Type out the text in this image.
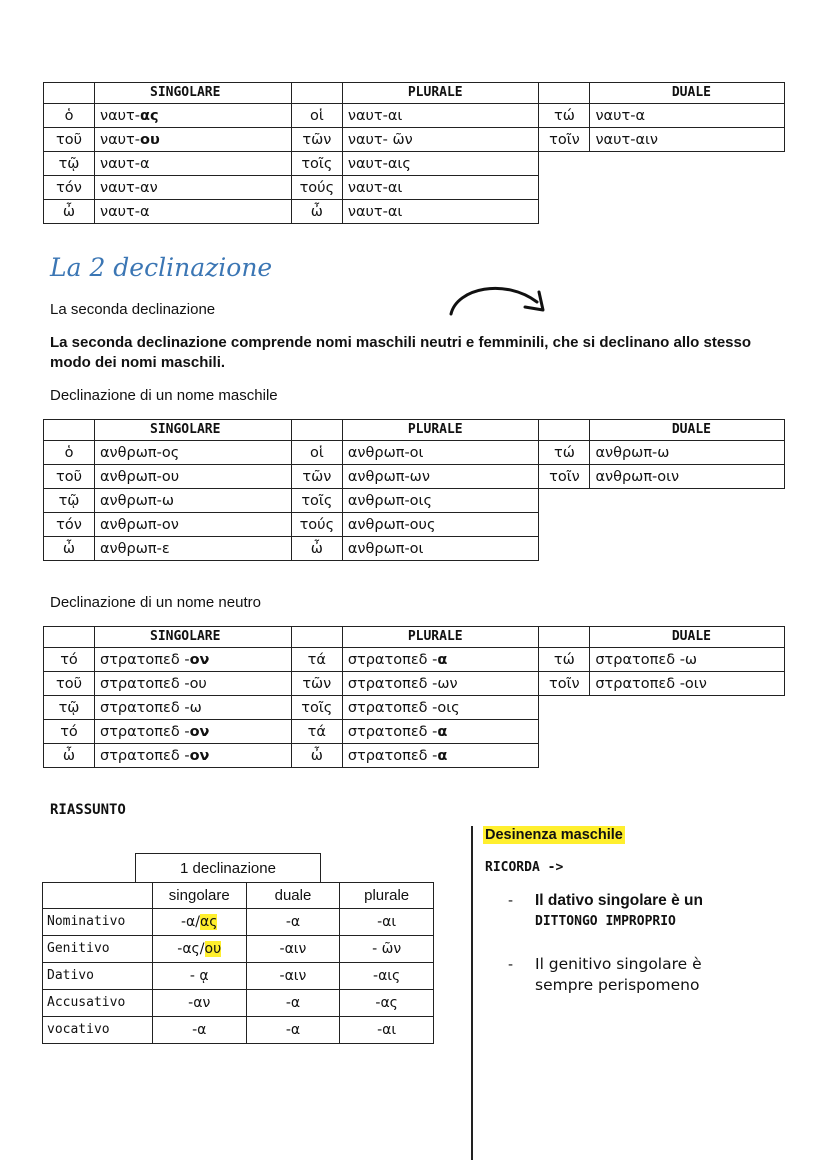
	SINGOLARE		PLURALE		DUALE
ὁ	ναυτ-ας	οἱ	ναυτ-αι	τώ	ναυτ-α
τοῦ	ναυτ-ου	τῶν	ναυτ- ῶν	τοῖν	ναυτ-αιν
τῷ	ναυτ-α	τοῖς	ναυτ-αις		
τόν	ναυτ-αν	τούς	ναυτ-αι		
ὦ	ναυτ-α	ὦ	ναυτ-αι		
La 2 declinazione
La seconda declinazione
La seconda declinazione comprende nomi maschili neutri e femminili, che si declinano allo stesso modo dei nomi maschili.
Declinazione di un nome maschile
	SINGOLARE		PLURALE		DUALE
ὁ	ανθρωπ-ος	οἱ	ανθρωπ-οι	τώ	ανθρωπ-ω
τοῦ	ανθρωπ-ου	τῶν	ανθρωπ-ων	τοῖν	ανθρωπ-οιν
τῷ	ανθρωπ-ω	τοῖς	ανθρωπ-οις		
τόν	ανθρωπ-ον	τούς	ανθρωπ-ους		
ὦ	ανθρωπ-ε	ὦ	ανθρωπ-οι		
Declinazione di un nome neutro
	SINGOLARE		PLURALE		DUALE
τό	στρατοπεδ -ον	τά	στρατοπεδ -α	τώ	στρατοπεδ -ω
τοῦ	στρατοπεδ -ου	τῶν	στρατοπεδ -ων	τοῖν	στρατοπεδ -οιν
τῷ	στρατοπεδ -ω	τοῖς	στρατοπεδ -οις		
τό	στρατοπεδ -ον	τά	στρατοπεδ -α		
ὦ	στρατοπεδ -ον	ὦ	στρατοπεδ -α		
RIASSUNTO
1 declinazione
	singolare	duale	plurale
Nominativo	-α/ας	-α	-αι
Genitivo	-ας/ου	-αιν	- ῶν
Dativo	- ᾳ	-αιν	-αις
Accusativo	-αν	-α	-ας
vocativo	-α	-α	-αι
Desinenza maschile
RICORDA ->
- Il dativo singolare è un
DITTONGO IMPROPRIO
- Il genitivo singolare è sempre perispomeno
